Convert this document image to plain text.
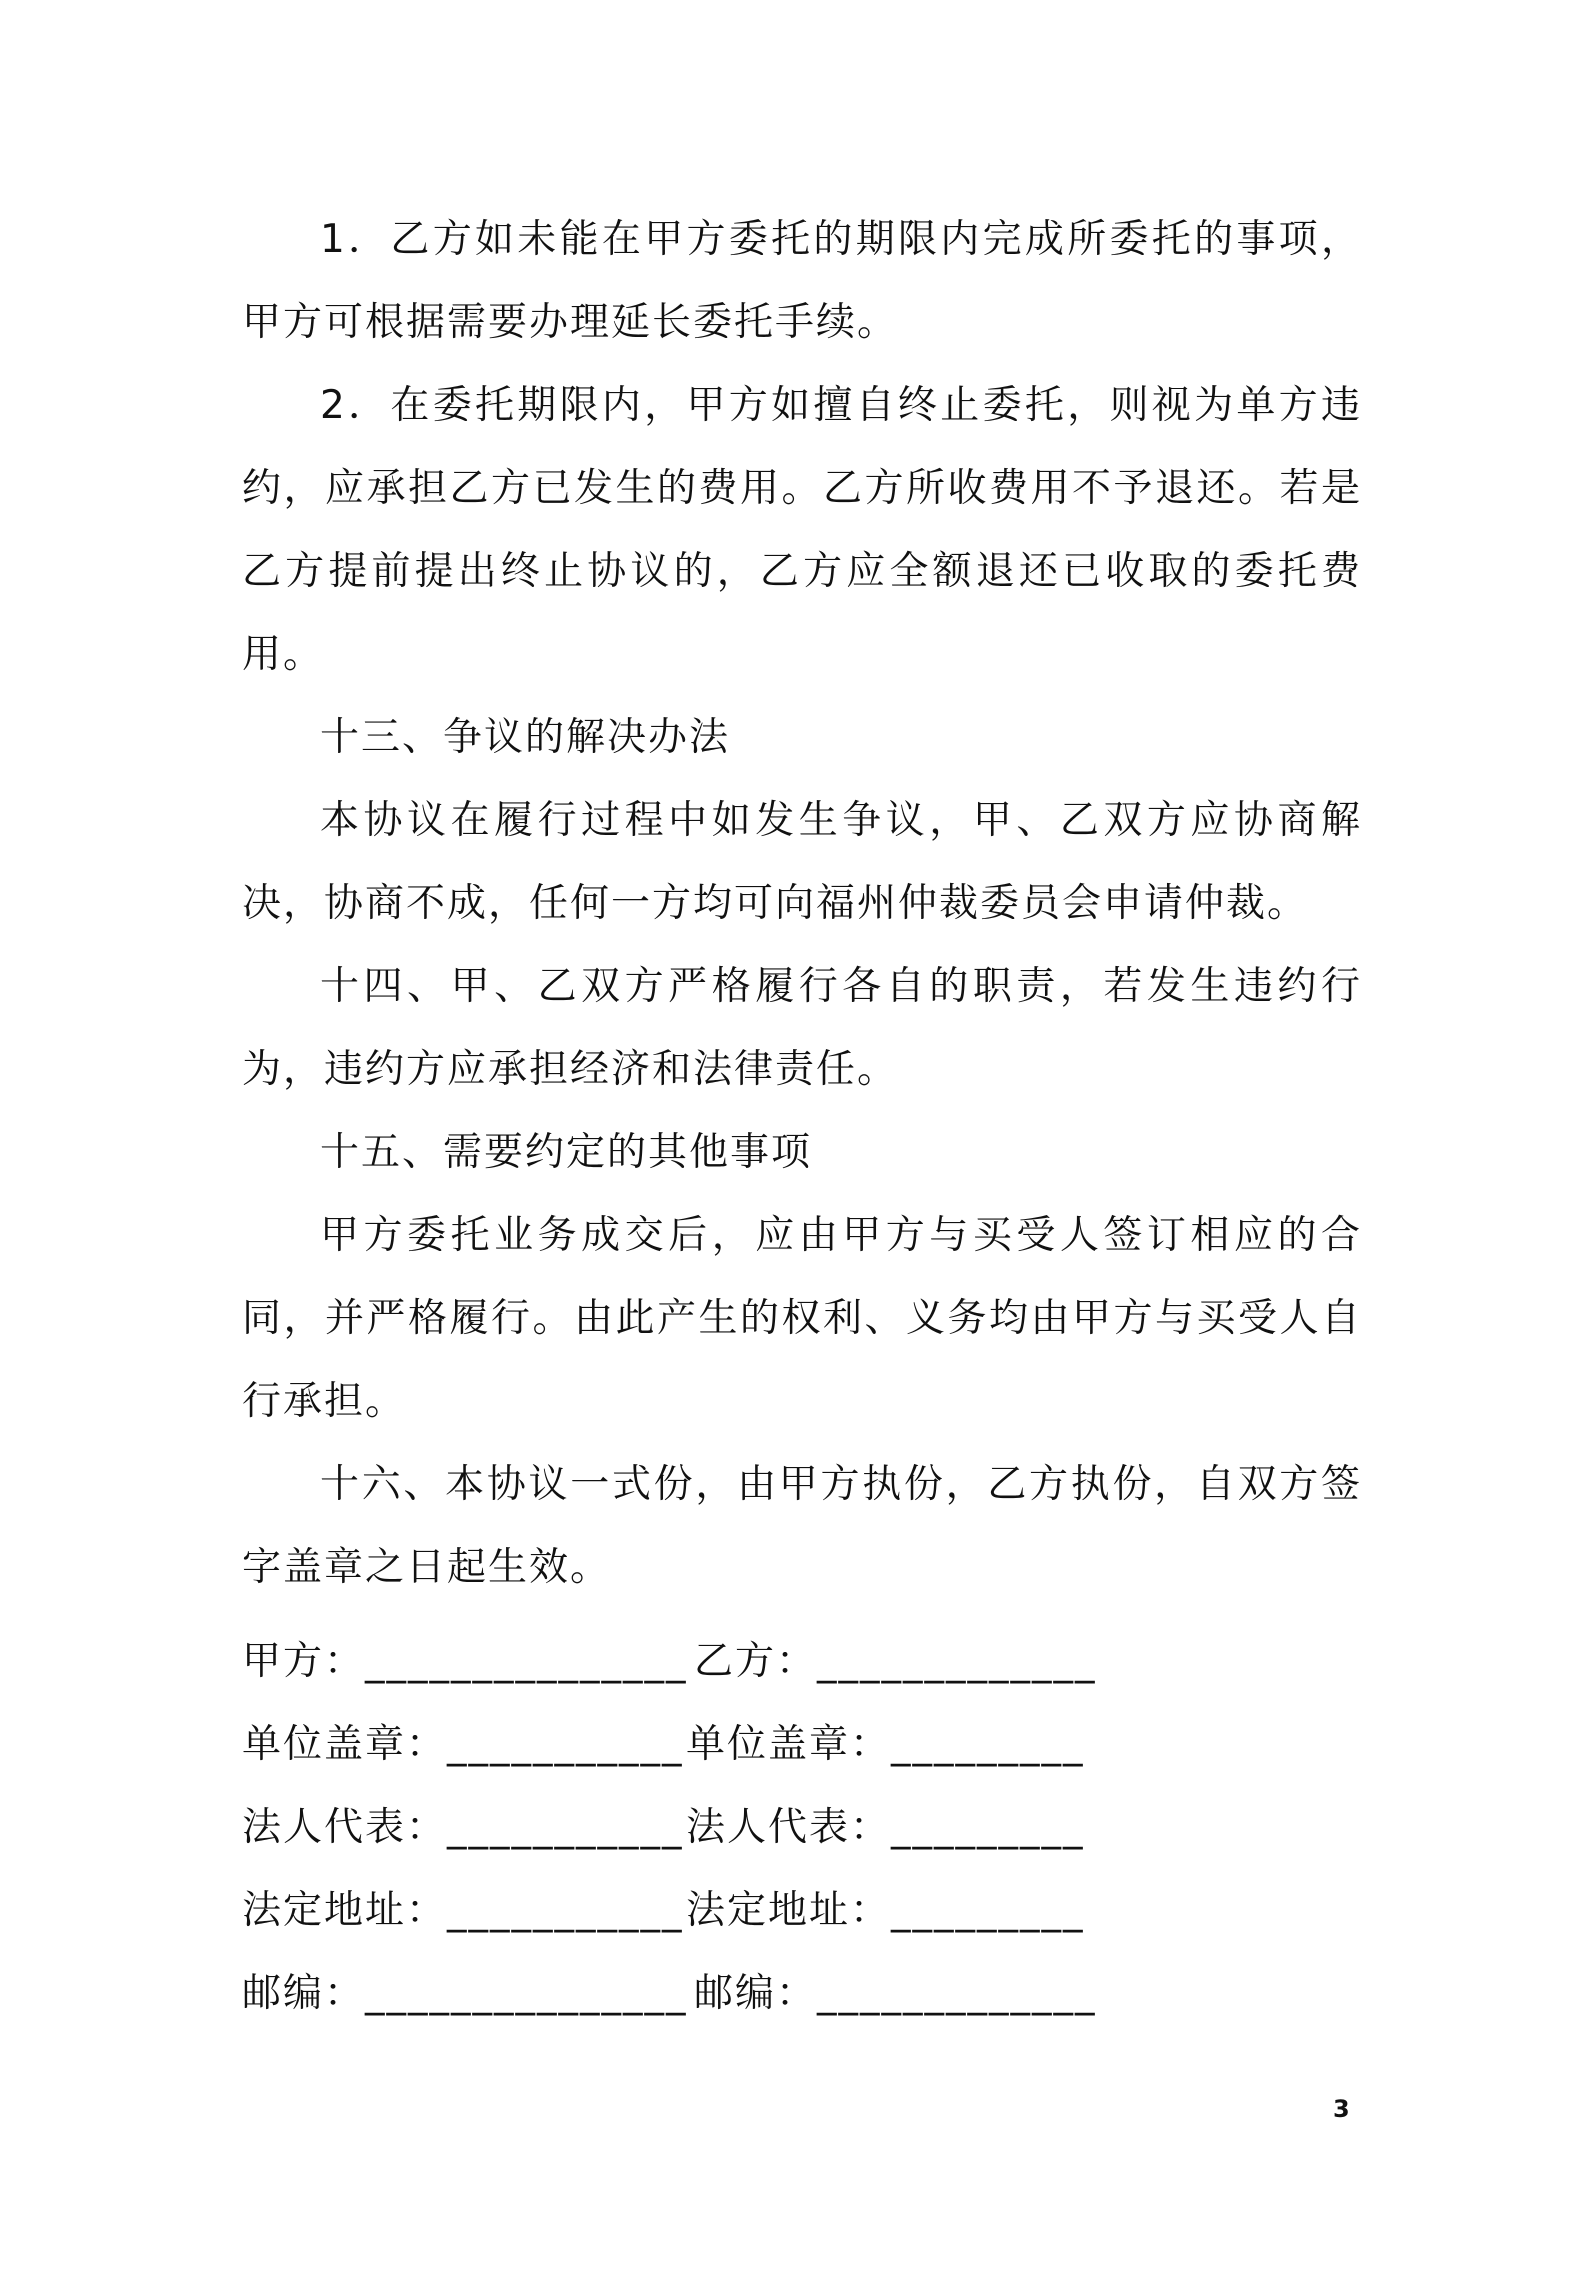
1．乙方如未能在甲方委托的期限内完成所委托的事项，甲方可根据需要办理延长委托手续。

2．在委托期限内，甲方如擅自终止委托，则视为单方违约，应承担乙方已发生的费用。乙方所收费用不予退还。若是乙方提前提出终止协议的，乙方应全额退还已收取的委托费用。

十三、争议的解决办法

本协议在履行过程中如发生争议，甲、乙双方应协商解决，协商不成，任何一方均可向福州仲裁委员会申请仲裁。

十四、甲、乙双方严格履行各自的职责，若发生违约行为，违约方应承担经济和法律责任。

十五、需要约定的其他事项

甲方委托业务成交后，应由甲方与买受人签订相应的合同，并严格履行。由此产生的权利、义务均由甲方与买受人自行承担。

十六、本协议一式份，由甲方执份，乙方执份，自双方签字盖章之日起生效。

甲方：_______________

乙方：_____________

单位盖章：___________

单位盖章：_________

法人代表：___________

法人代表：_________

法定地址：___________

法定地址：_________

邮编：_______________

邮编：_____________

3
